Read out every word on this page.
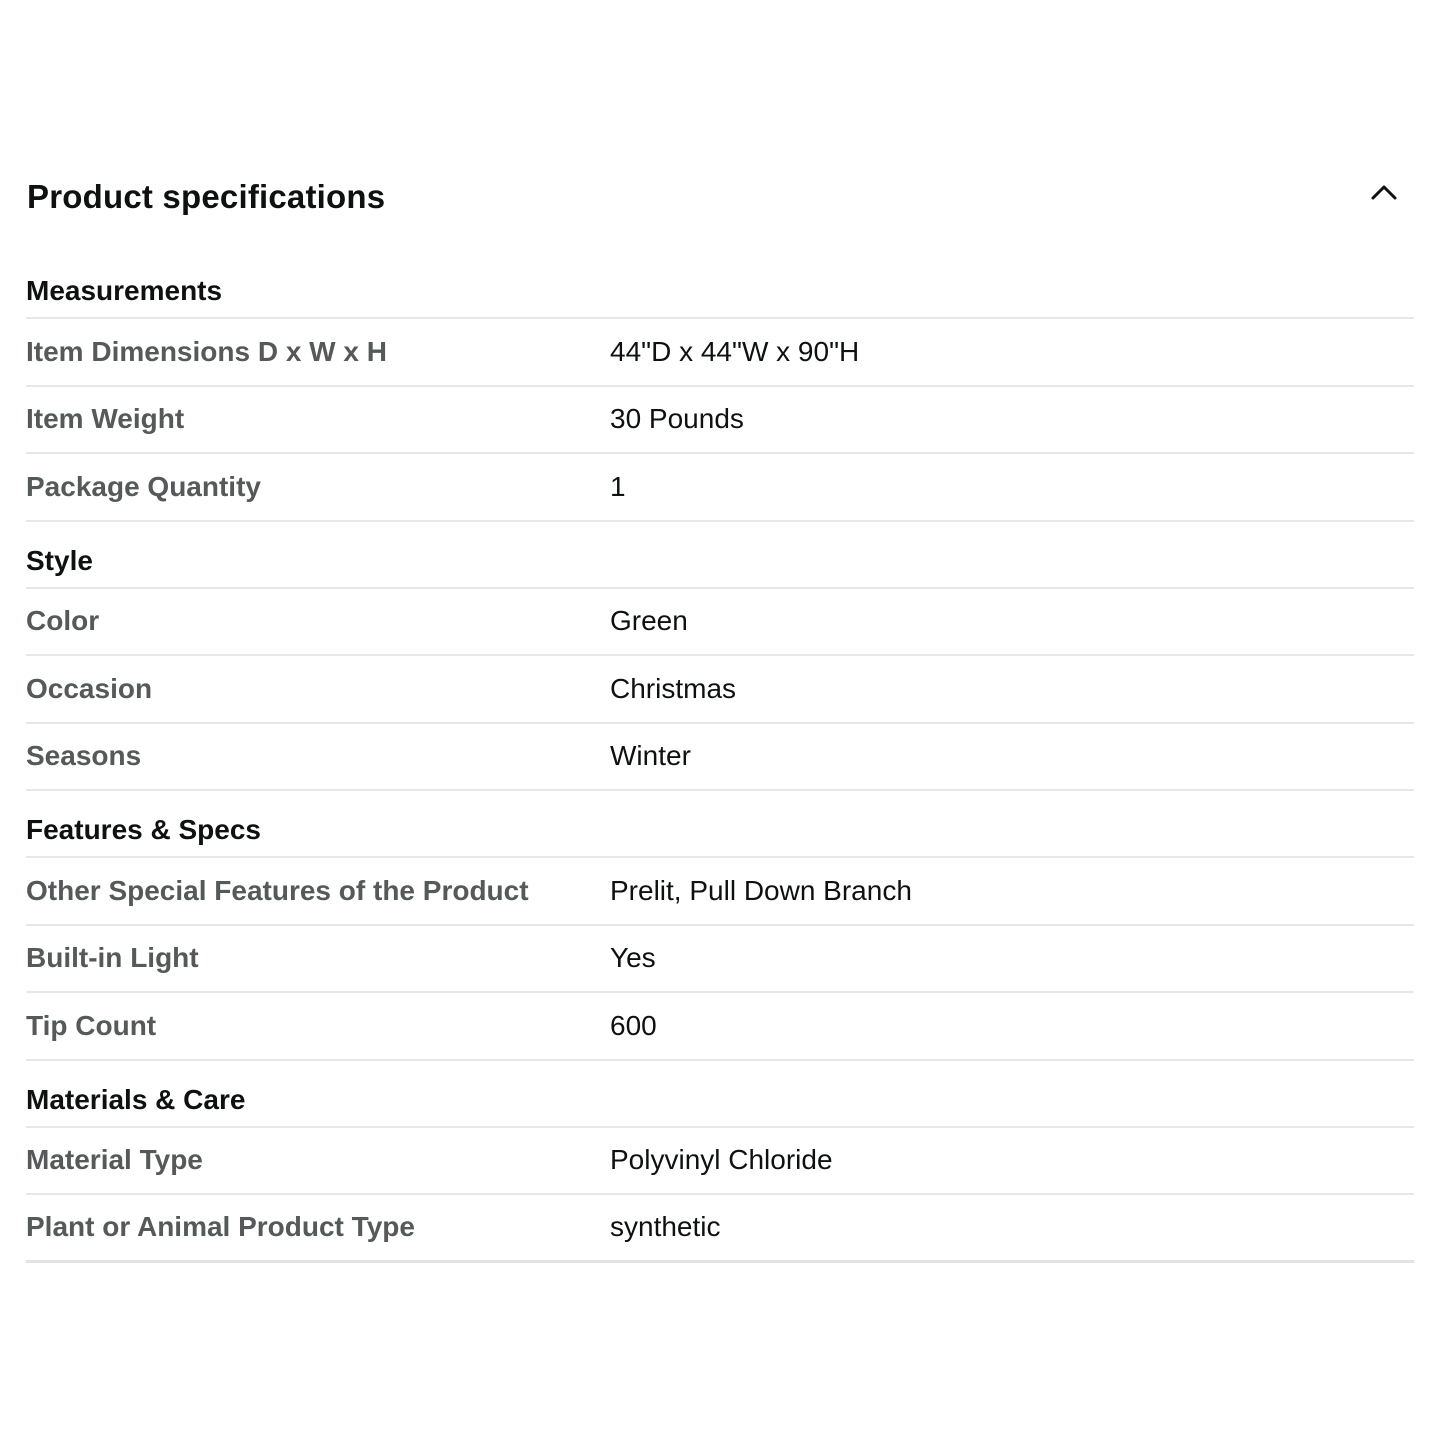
Product specifications
Measurements
Item Dimensions D x W x H	44"D x 44"W x 90"H
Item Weight	30 Pounds
Package Quantity	1
Style
Color	Green
Occasion	Christmas
Seasons	Winter
Features & Specs
Other Special Features of the Product	Prelit, Pull Down Branch
Built-in Light	Yes
Tip Count	600
Materials & Care
Material Type	Polyvinyl Chloride
Plant or Animal Product Type	synthetic
